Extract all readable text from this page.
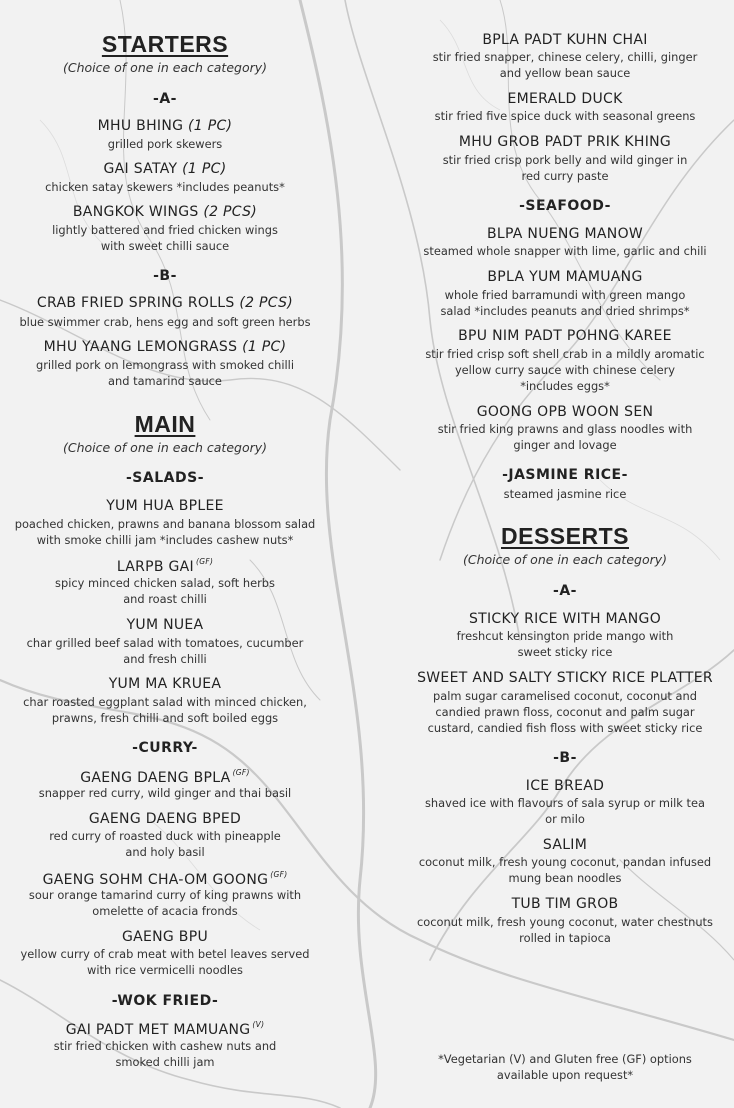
STARTERS
(Choice of one in each category)
-A-
MHU BHING (1 PC)
grilled pork skewers
GAI SATAY (1 PC)
chicken satay skewers *includes peanuts*
BANGKOK WINGS (2 PCS)
lightly battered and fried chicken wings
with sweet chilli sauce
-B-
CRAB FRIED SPRING ROLLS (2 PCS)
blue swimmer crab, hens egg and soft green herbs
MHU YAANG LEMONGRASS (1 PC)
grilled pork on lemongrass with smoked chilli
and tamarind sauce
MAIN
(Choice of one in each category)
-SALADS-
YUM HUA BPLEE
poached chicken, prawns and banana blossom salad
with smoke chilli jam *includes cashew nuts*
LARPB GAI $^{(GF)}$
spicy minced chicken salad, soft herbs
and roast chilli
YUM NUEA
char grilled beef salad with tomatoes, cucumber
and fresh chilli
YUM MA KRUEA
char roasted eggplant salad with minced chicken,
prawns, fresh chilli and soft boiled eggs
-CURRY-
GAENG DAENG BPLA $^{(GF)}$
snapper red curry, wild ginger and thai basil
GAENG DAENG BPED
red curry of roasted duck with pineapple
and holy basil
GAENG SOHM CHA-OM GOONG $^{(GF)}$
sour orange tamarind curry of king prawns with
omelette of acacia fronds
GAENG BPU
yellow curry of crab meat with betel leaves served
with rice vermicelli noodles
-WOK FRIED-
GAI PADT MET MAMUANG $^{(V)}$
stir fried chicken with cashew nuts and
smoked chilli jam
BPLA PADT KUHN CHAI
stir fried snapper, chinese celery, chilli, ginger
and yellow bean sauce
EMERALD DUCK
stir fried five spice duck with seasonal greens
MHU GROB PADT PRIK KHING
stir fried crisp pork belly and wild ginger in
red curry paste
-SEAFOOD-
BLPA NUENG MANOW
steamed whole snapper with lime, garlic and chili
BPLA YUM MAMUANG
whole fried barramundi with green mango
salad *includes peanuts and dried shrimps*
BPU NIM PADT POHNG KAREE
stir fried crisp soft shell crab in a mildly aromatic
yellow curry sauce with chinese celery
*includes eggs*
GOONG OPB WOON SEN
stir fried king prawns and glass noodles with
ginger and lovage
-JASMINE RICE-
steamed jasmine rice
DESSERTS
(Choice of one in each category)
-A-
STICKY RICE WITH MANGO
freshcut kensington pride mango with
sweet sticky rice
SWEET AND SALTY STICKY RICE PLATTER
palm sugar caramelised coconut, coconut and
candied prawn floss, coconut and palm sugar
custard, candied fish floss with sweet sticky rice
-B-
ICE BREAD
shaved ice with flavours of sala syrup or milk tea
or milo
SALIM
coconut milk, fresh young coconut, pandan infused
mung bean noodles
TUB TIM GROB
coconut milk, fresh young coconut, water chestnuts
rolled in tapioca
*Vegetarian (V) and Gluten free (GF) options
available upon request*
